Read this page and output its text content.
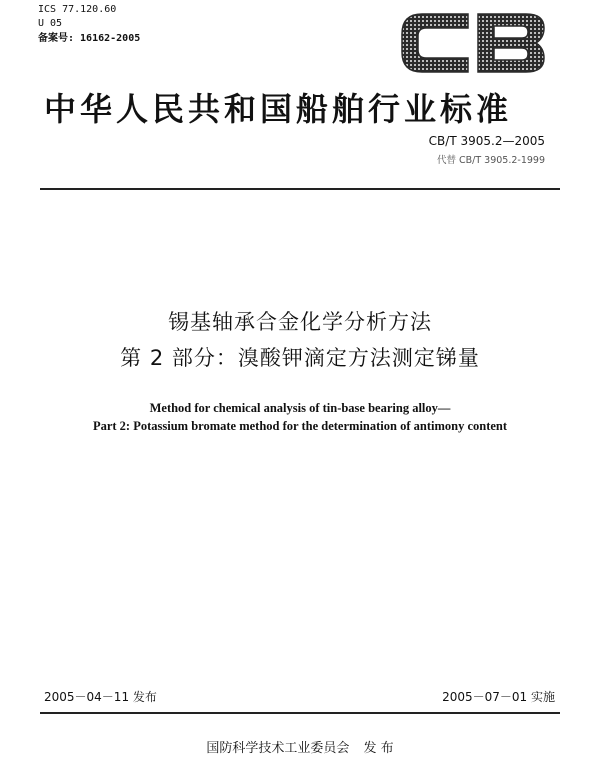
ICS 77.120.60
U 05
备案号: 16162-2005
中华人民共和国船舶行业标准
CB/T 3905.2—2005
代替 CB/T 3905.2-1999
锡基轴承合金化学分析方法
第 2 部分：溴酸钾滴定方法测定锑量
Method for chemical analysis of tin-base bearing alloy—
Part 2: Potassium bromate method for the determination of antimony content
2005－04－11 发布	2005－07－01 实施
国防科学技术工业委员会 发 布
